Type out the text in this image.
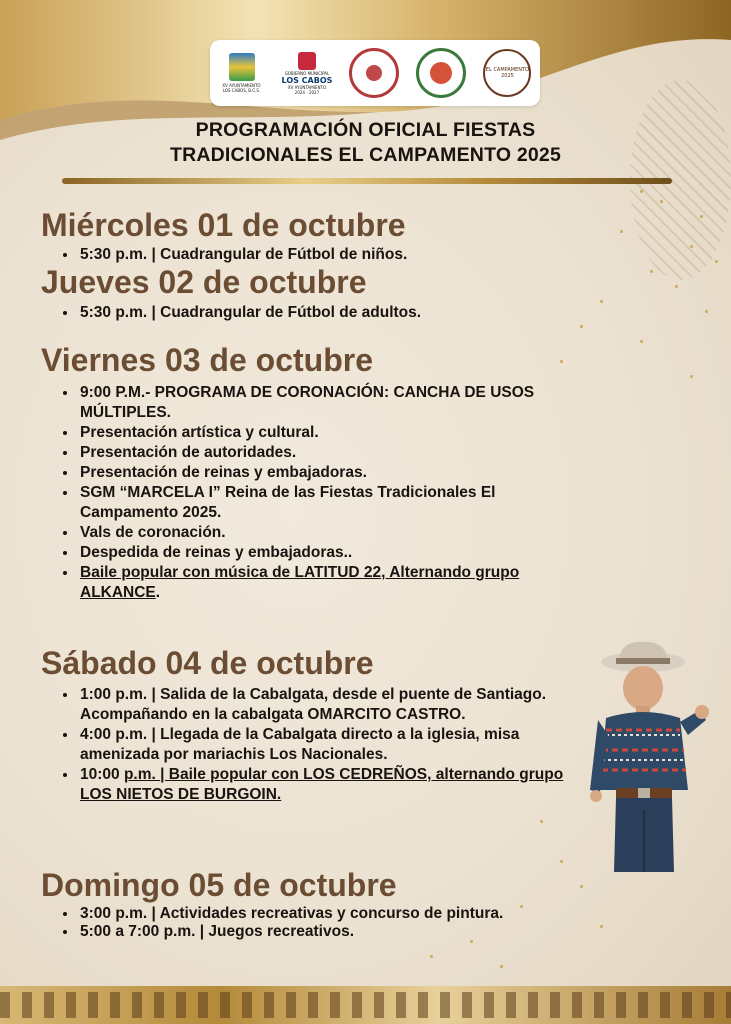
XV AYUNTAMIENTO LOS CABOS, B.C.S.
GOBIERNO MUNICIPAL
LOS CABOS
XV AYUNTAMIENTO
2024 - 2027
EL CAMPAMENTO 2025
PROGRAMACIÓN OFICIAL FIESTAS
TRADICIONALES EL CAMPAMENTO 2025
Miércoles 01 de octubre
• 5:30 p.m. | Cuadrangular de Fútbol de niños.
Jueves 02 de octubre
• 5:30 p.m. | Cuadrangular de Fútbol de adultos.
Viernes 03 de octubre
• 9:00 P.M.- PROGRAMA DE CORONACIÓN: CANCHA DE USOS MÚLTIPLES.
• Presentación artística y cultural.
• Presentación de autoridades.
• Presentación de reinas y embajadoras.
• SGM “MARCELA I” Reina de las Fiestas Tradicionales El Campamento 2025.
• Vals de coronación.
• Despedida de reinas y embajadoras..
• Baile popular con música de LATITUD 22, Alternando grupo ALKANCE.
Sábado 04 de octubre
• 1:00 p.m. | Salida de la Cabalgata, desde el puente de Santiago. Acompañando en la cabalgata OMARCITO CASTRO.
• 4:00 p.m. | Llegada de la Cabalgata directo a la iglesia, misa amenizada por mariachis Los Nacionales.
• 10:00 p.m. | Baile popular con LOS CEDREÑOS, alternando grupo LOS NIETOS DE BURGOIN.
Domingo 05 de octubre
• 3:00 p.m. | Actividades recreativas y concurso de pintura.
• 5:00 a 7:00 p.m. | Juegos recreativos.
